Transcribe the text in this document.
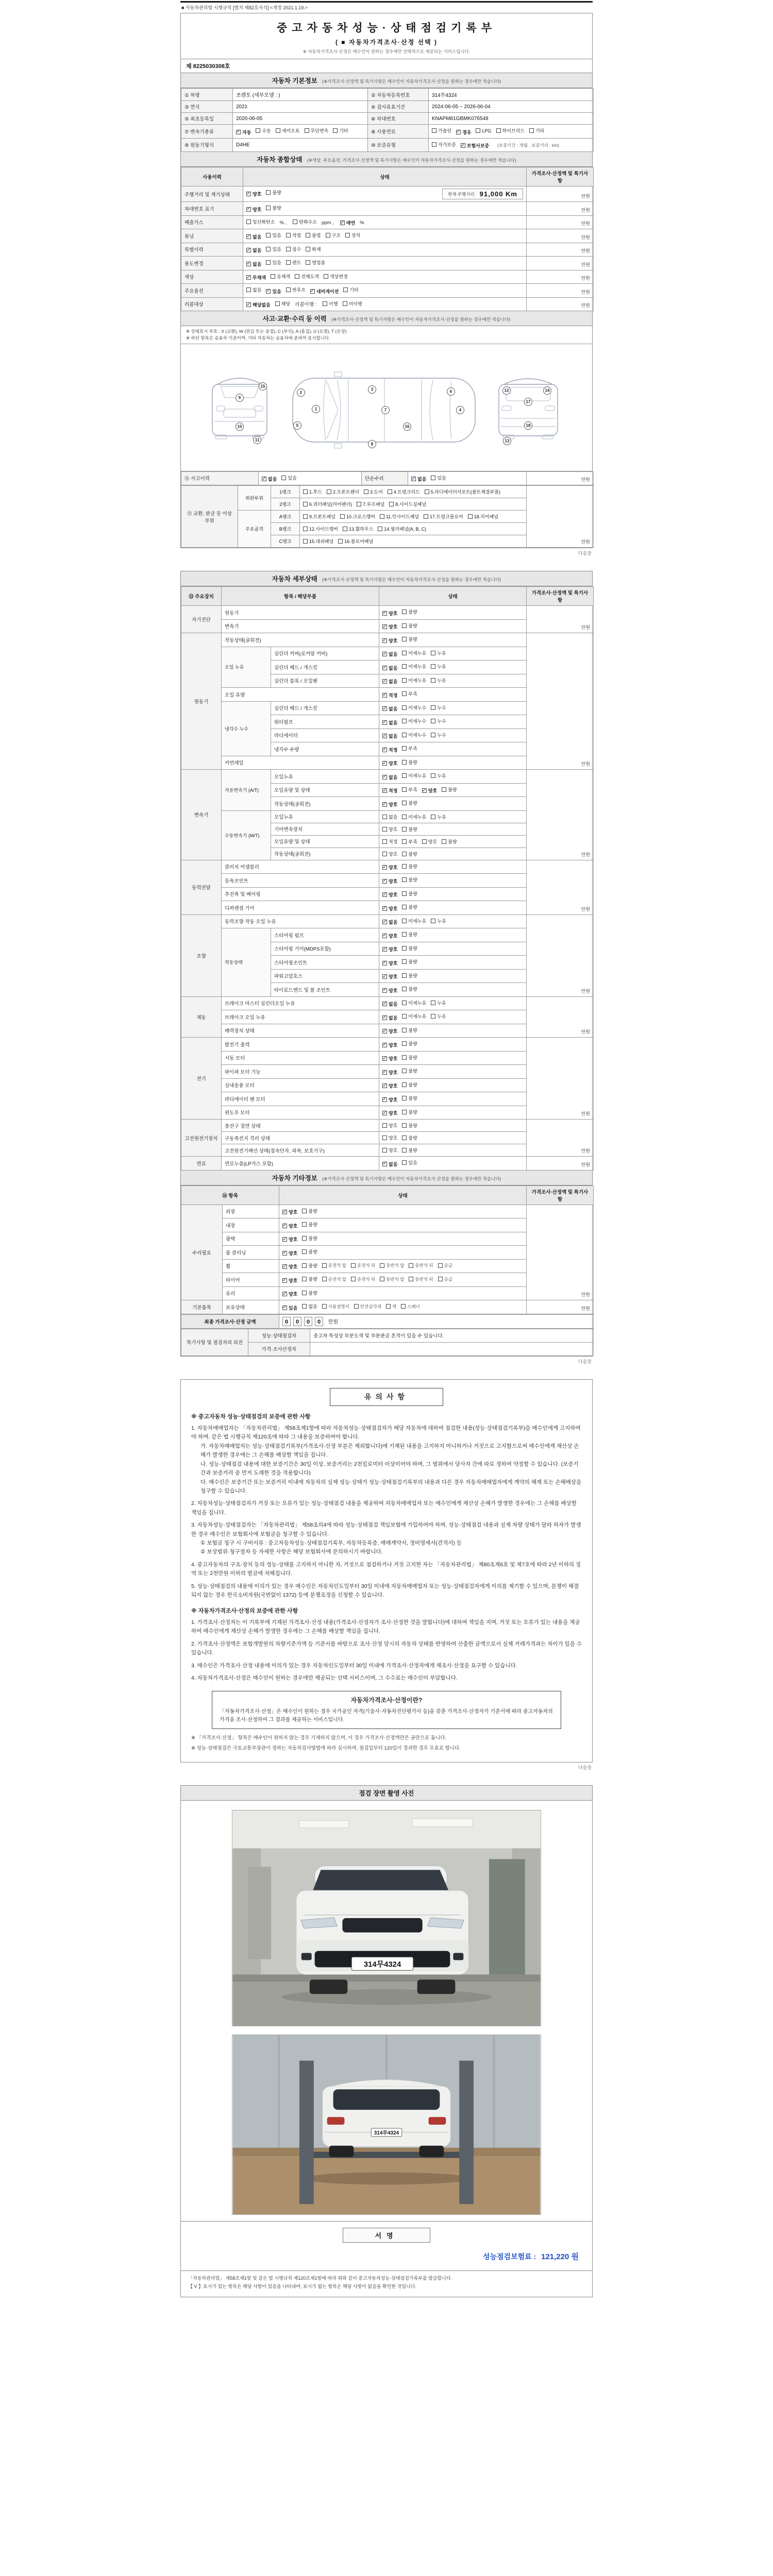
■ 자동차관리법 시행규칙 [별지 제82호서식] <개정 2021.1.19.>
중고자동차성능·상태점검기록부
( ■ 자동차가격조사·산정 선택 )
※ 자동차가격조사·산정은 매수인이 원하는 경우에만 선택적으로 제공되는 서비스입니다.
제 8225030308호
자동차 기본정보 (※가격조사·산정액 및 특기사항은 매수인이 자동차가격조사·산정을 원하는 경우에만 적습니다)
① 차명	쏘렌토 (세부모델 : )	② 자동차등록번호	314무4324
③ 연식	2021	④ 검사유효기간	2024-06-05 ~ 2026-06-04
⑤ 최초등록일	2020-06-05	⑥ 차대번호	KNAPM81GBMK076548
⑦ 변속기종류	✓ 자동 수동 세미오토 무단변속 기타	⑧ 사용연료	가솔린 ✓ 경유 LPG 하이브리드 기타

⑨ 원동기형식	D4HE	⑩ 보증유형	자가보증 ✓ 보험사보증 (보증기간 : 개월 , 보증거리 : km)
자동차 종합상태 (※색상, 주요옵션, 가격조사·산정액 및 특기사항은 매수인이 자동차가격조사·산정을 원하는 경우에만 적습니다)
사용이력	상태	가격조사·산정액 및 특기사항
주행거리 및 계기상태	✓ 양호 불량 현재 주행거리 91,000 Km	만원
차대번호 표기	✓ 양호 불량	만원
배출가스	일산화탄소 % ,	탄화수소 ppm , ✓ 매연 %	만원
튜닝	✓ 없음 있음 적법 불법 구조 장치	만원
특별이력	✓ 없음 있음 침수 화재	만원
용도변경	✓ 없음 있음 렌트 영업용	만원
색상	✓ 무채색 유채색 전체도색 색상변경	만원
주요옵션	없음 ✓ 있음 썬루프 ✓ 네비게이션 기타	만원
리콜대상	✓ 해당없음 해당 리콜이행 :	이행 미이행	만원
사고·교환·수리 등 이력 (※가격조사·산정액 및 특기사항은 매수인이 자동차가격조사·산정을 원하는 경우에만 적습니다)
※ 상태표시 부호 : X (교환), W (판금 또는 용접), C (부식), A (흠집), U (요철), T (손상)
※ 하단 항목은 승용차 기준이며, 기타 자동차는 승용차에 준하여 표시합니다.
1
2
3
4
5
6
7
8
9
10
11
12
13
14
15
16
17
18
⑪ 사고이력	✓ 없음 있음	단순수리	✓ 없음 있음	만원
⑫ 교환, 판금 등 이상 부위	외판부위	1랭크	1.후드 2.프론트펜더 3.도어 4.트렁크리드 5.라디에이터서포트(볼트체결부품)	만원
		2랭크	6.쿼터패널(리어펜더) 7.루프패널 8.사이드실패널	

	주요골격	A랭크	9.프론트패널 10.크로스멤버 11.인사이드패널 17.트렁크플로어 18.리어패널	

		B랭크	12.사이드멤버 13.휠하우스 14.필러패널(A, B, C)	

		C랭크	15.대쉬패널 16.플로어패널	
다음장
자동차 세부상태 (※가격조사·산정액 및 특기사항은 매수인이 자동차가격조사·산정을 원하는 경우에만 적습니다)
⑬ 주요장치	항목 / 해당부품		상태	가격조사·산정액 및 특기사항
자기진단	원동기		✓ 양호 불량	만원
	변속기		✓ 양호 불량	

원동기	작동상태(공회전)		✓ 양호 불량	만원
	오일 누유	실린더 커버(로커암 커버)	✓ 없음 미세누유 누유	

		실린더 헤드 / 개스킷	✓ 없음 미세누유 누유	

		실린더 블록 / 오일팬	✓ 없음 미세누유 누유	

	오일 유량		✓ 적정 부족	

	냉각수 누수	실린더 헤드 / 개스킷	✓ 없음 미세누수 누수	

		워터펌프	✓ 없음 미세누수 누수	

		라디에이터	✓ 없음 미세누수 누수	

		냉각수 수량	✓ 적정 부족	

	커먼레일		✓ 양호 불량	

변속기	자동변속기 (A/T)	오일누유	✓ 없음 미세누유 누유	만원
오일유량 및 상태	✓ 적정 부족 ✓ 양호 불량

		작동상태(공회전)	✓ 양호 불량	

	수동변속기 (M/T)	오일누유	없음 미세누유 누유	

		기어변속장치	양호 불량	

		오일유량 및 상태	적정 부족 양호 불량	

		작동상태(공회전)	양호 불량	

동력전달	클러치 어셈블리		✓ 양호 불량	만원
	등속조인트		✓ 양호 불량	

	추진축 및 베어링		✓ 양호 불량	

	디퍼렌셜 기어		✓ 양호 불량	

조향	동력조향 작동 오일 누유		✓ 없음 미세누유 누유	만원
	작동상태	스티어링 펌프	✓ 양호 불량	

		스티어링 기어(MDPS포함)	✓ 양호 불량	

		스티어링조인트	✓ 양호 불량	

		파워고압호스	✓ 양호 불량	

		타이로드엔드 및 볼 조인트	✓ 양호 불량	

제동	브레이크 마스터 실린더오일 누유		✓ 없음 미세누유 누유	만원
	브레이크 오일 누유		✓ 없음 미세누유 누유	

	배력장치 상태		✓ 양호 불량	

전기	발전기 출력		✓ 양호 불량	만원
	시동 모터		✓ 양호 불량	

	와이퍼 모터 기능		✓ 양호 불량	

	실내송풍 모터		✓ 양호 불량	

	라디에이터 팬 모터		✓ 양호 불량	

	윈도우 모터		✓ 양호 불량	

고전원전기장치	충전구 절연 상태		양호 불량	만원
	구동축전지 격리 상태		양호 불량	

	고전원전기배선 상태(접속단자, 피복, 보호기구)		양호 불량	

연료	연료누출(LP가스 포함)		✓ 없음 있음	만원
자동차 기타정보 (※가격조사·산정액 및 특기사항은 매수인이 자동차가격조사·산정을 원하는 경우에만 적습니다)
⑭ 항목		상태	가격조사·산정액 및 특기사항
수리필요	외장	✓ 양호 불량	만원
	내장	✓ 양호 불량	

	광택	✓ 양호 불량	

	룸 클리닝	✓ 양호 불량	

휠	✓ 양호 불량 운전석 앞 운전석 뒤 동반석 앞 동반석 뒤 응급

타이어	✓ 양호 불량 운전석 앞 운전석 뒤 동반석 앞 동반석 뒤 응급

	유리	✓ 양호 불량	

기본품목	보유상태	✓ 있음 없음 사용설명서 안전삼각대 잭 스패너	만원
최종 가격조사·산정 금액	0 0 0 0 만원
특기사항 및 점검자의 의견	성능·상태점검자	중고차 특성상 부분도색 및 부분판금 흔적이 있을 수 있습니다.
	가격·조사산정자	
다음장
유의사항
※ 중고자동차 성능·상태점검의 보증에 관한 사항
1. 자동차매매업자는 「자동차관리법」 제58조제1항에 따라 자동차성능·상태점검자가 해당 자동차에 대하여 점검한 내용(성능·상태점검기록부)을 매수인에게 고지하여야 하며, 같은 법 시행규칙 제120조에 따라 그 내용을 보증하여야 합니다.
가. 자동차매매업자는 성능·상태점검기록부(가격조사·산정 부분은 제외합니다)에 기재된 내용을 고지하지 아니하거나 거짓으로 고지함으로써 매수인에게 재산상 손해가 발생한 경우에는 그 손해를 배상할 책임을 집니다.
나. 성능·상태점검 내용에 대한 보증기간은 30일 이상, 보증거리는 2천킬로미터 이상이어야 하며, 그 범위에서 당사자 간에 따로 정하여 약정할 수 있습니다. (보증기간과 보증거리 중 먼저 도래한 것을 적용합니다)
다. 매수인은 보증기간 또는 보증거리 이내에 자동차의 실제 성능·상태가 성능·상태점검기록부의 내용과 다른 경우 자동차매매업자에게 계약의 해제 또는 손해배상을 청구할 수 있습니다.
2. 자동차성능·상태점검자가 거짓 또는 오류가 있는 성능·상태점검 내용을 제공하여 자동차매매업자 또는 매수인에게 재산상 손해가 발생한 경우에는 그 손해를 배상할 책임을 집니다.
3. 자동차성능·상태점검자는 「자동차관리법」 제58조의4에 따라 성능·상태점검 책임보험에 가입하여야 하며, 성능·상태점검 내용과 실제 차량 상태가 달라 하자가 발생한 경우 매수인은 보험회사에 보험금을 청구할 수 있습니다.
① 보험금 청구 시 구비서류 : 중고자동차성능·상태점검기록부, 자동차등록증, 매매계약서, 정비명세서(견적서) 등
② 보상범위·청구절차 등 자세한 사항은 해당 보험회사에 문의하시기 바랍니다.
4. 중고자동차의 구조·장치 등의 성능·상태를 고지하지 아니한 자, 거짓으로 점검하거나 거짓 고지한 자는 「자동차관리법」 제80조제6호 및 제7호에 따라 2년 이하의 징역 또는 2천만원 이하의 벌금에 처해집니다.
5. 성능·상태점검의 내용에 이의가 있는 경우 매수인은 자동차인도일부터 30일 이내에 자동차매매업자 또는 성능·상태점검자에게 이의를 제기할 수 있으며, 분쟁이 해결되지 않는 경우 한국소비자원(국번없이 1372) 등에 분쟁조정을 신청할 수 있습니다.
※ 자동차가격조사·산정의 보증에 관한 사항
1. 가격조사·산정자는 이 기록부에 기재된 가격조사·산정 내용(가격조사·산정자가 조사·산정한 것을 말합니다)에 대하여 책임을 지며, 거짓 또는 오류가 있는 내용을 제공하여 매수인에게 재산상 손해가 발생한 경우에는 그 손해를 배상할 책임을 집니다.
2. 가격조사·산정액은 보험개발원의 차량기준가액 등 기준서를 바탕으로 조사·산정 당시의 자동차 상태를 반영하여 산출한 금액으로서 실제 거래가격과는 차이가 있을 수 있습니다.
3. 매수인은 가격조사·산정 내용에 이의가 있는 경우 자동차인도일부터 30일 이내에 가격조사·산정자에게 재조사·산정을 요구할 수 있습니다.
4. 자동차가격조사·산정은 매수인이 원하는 경우에만 제공되는 선택 서비스이며, 그 수수료는 매수인이 부담합니다.
자동차가격조사·산정이란?
「자동차가격조사·산정」은 매수인이 원하는 경우 국가공인 자격(기술사·자동차진단평가사 등)을 갖춘 가격조사·산정자가 기준서에 따라 중고자동차의 가격을 조사·산정하여 그 결과를 제공하는 서비스입니다.
※ 「가격조사·산정」 항목은 매수인이 원하지 않는 경우 기재하지 않으며, 이 경우 가격조사·산정액란은 공란으로 둡니다.
※ 성능·상태점검은 국토교통부장관이 정하는 자동차검사방법에 따라 실시하며, 점검일부터 120일이 경과한 경우 무효로 합니다.
다음장
점검 장면 촬영 사진
314무4324
314무4324
서명
성능점검보험료 : 121,220 원
「자동차관리법」 제58조제1항 및 같은 법 시행규칙 제120조제1항에 따라 위와 같이 중고자동차성능·상태점검기록부를 발급합니다.
【 V 】표시가 있는 항목은 해당 사항이 있음을 나타내며, 표시가 없는 항목은 해당 사항이 없음을 확인한 것입니다.
